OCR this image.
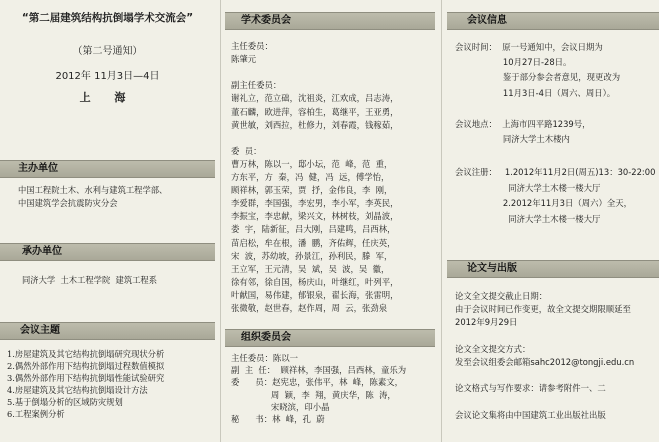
“第二届建筑结构抗倒塌学术交流会”
（第二号通知）
2012年 11月3日—4日
上 海
主办单位
中国工程院土木、水利与建筑工程学部、
中国建筑学会抗震防灾分会
承办单位
同济大学  土木工程学院  建筑工程系
会议主题
1.房屋建筑及其它结构抗倒塌研究现状分析
2.偶然外部作用下结构抗倒塌过程数值模拟
3.偶然外部作用下结构抗倒塌性能试验研究
4.房屋建筑及其它结构抗倒塌设计方法
5.基于倒塌分析的区域防灾规划
6.工程案例分析
学术委员会
主任委员：
陈肇元
副主任委员：
谢礼立，范立础，沈祖炎，江欢成，吕志涛，
董石麟，欧进萍，容柏生，葛继平，王亚勇，
黄世敏，刘西拉，杜修力，刘春霞，钱稼茹，
委  员：
曹万林，陈以一，邸小坛，范  峰，范  重，
方东平，方  秦，冯  健，冯  远，傅学怡，
顾祥林，郭玉荣，贾  抒，金伟良，李  刚，
李爱群，李国强，李宏男，李小军，李英民，
李振宝，李忠献，梁兴文，林树枝，刘晶波，
娄  宇，陆新征，吕大刚，吕建鸣，吕西林，
苗启松，牟在根，潘  鹏，齐佑辉，任庆英，
宋  波，苏幼坡，孙景江，孙利民，滕  军，
王立军，王元清，吴  斌，吴  波，吴  徽，
徐有邻，徐自国，杨庆山，叶继红，叶列平，
叶献国，易伟建，郁银泉，翟长海，张雷明，
张微敬，赵世春，赵作周，周  云，张劲泉
组织委员会
主任委员：陈以一
副  主  任：  顾祥林，李国强，吕西林，童乐为
委      员：赵宪忠，张伟平，林  峰，陈素文，
周  颖，李  翔，黄庆华，陈  涛，
宋晓滨，印小晶
秘      书：林  峰，孔  蔚
会议信息
会议时间：  原一号通知中，会议日期为
10月27日-28日。
鉴于部分参会者意见，现更改为
11月3日-4日（周六、周日）。
会议地点：  上海市四平路1239号，
同济大学土木楼内
会议注册：   1.2012年11月2日(周五)13：30-22:00
同济大学土木楼一楼大厅
2.2012年11月3日（周六）全天，
同济大学土木楼一楼大厅
论文与出版
论文全文提交截止日期：
由于会议时间已作变更，故全文提交期限顺延至
2012年9月29日
论文全文提交方式：
发至会议组委会邮箱sahc2012@tongji.edu.cn
论文格式与写作要求：请参考附件一、二
会议论文集将由中国建筑工业出版社出版
